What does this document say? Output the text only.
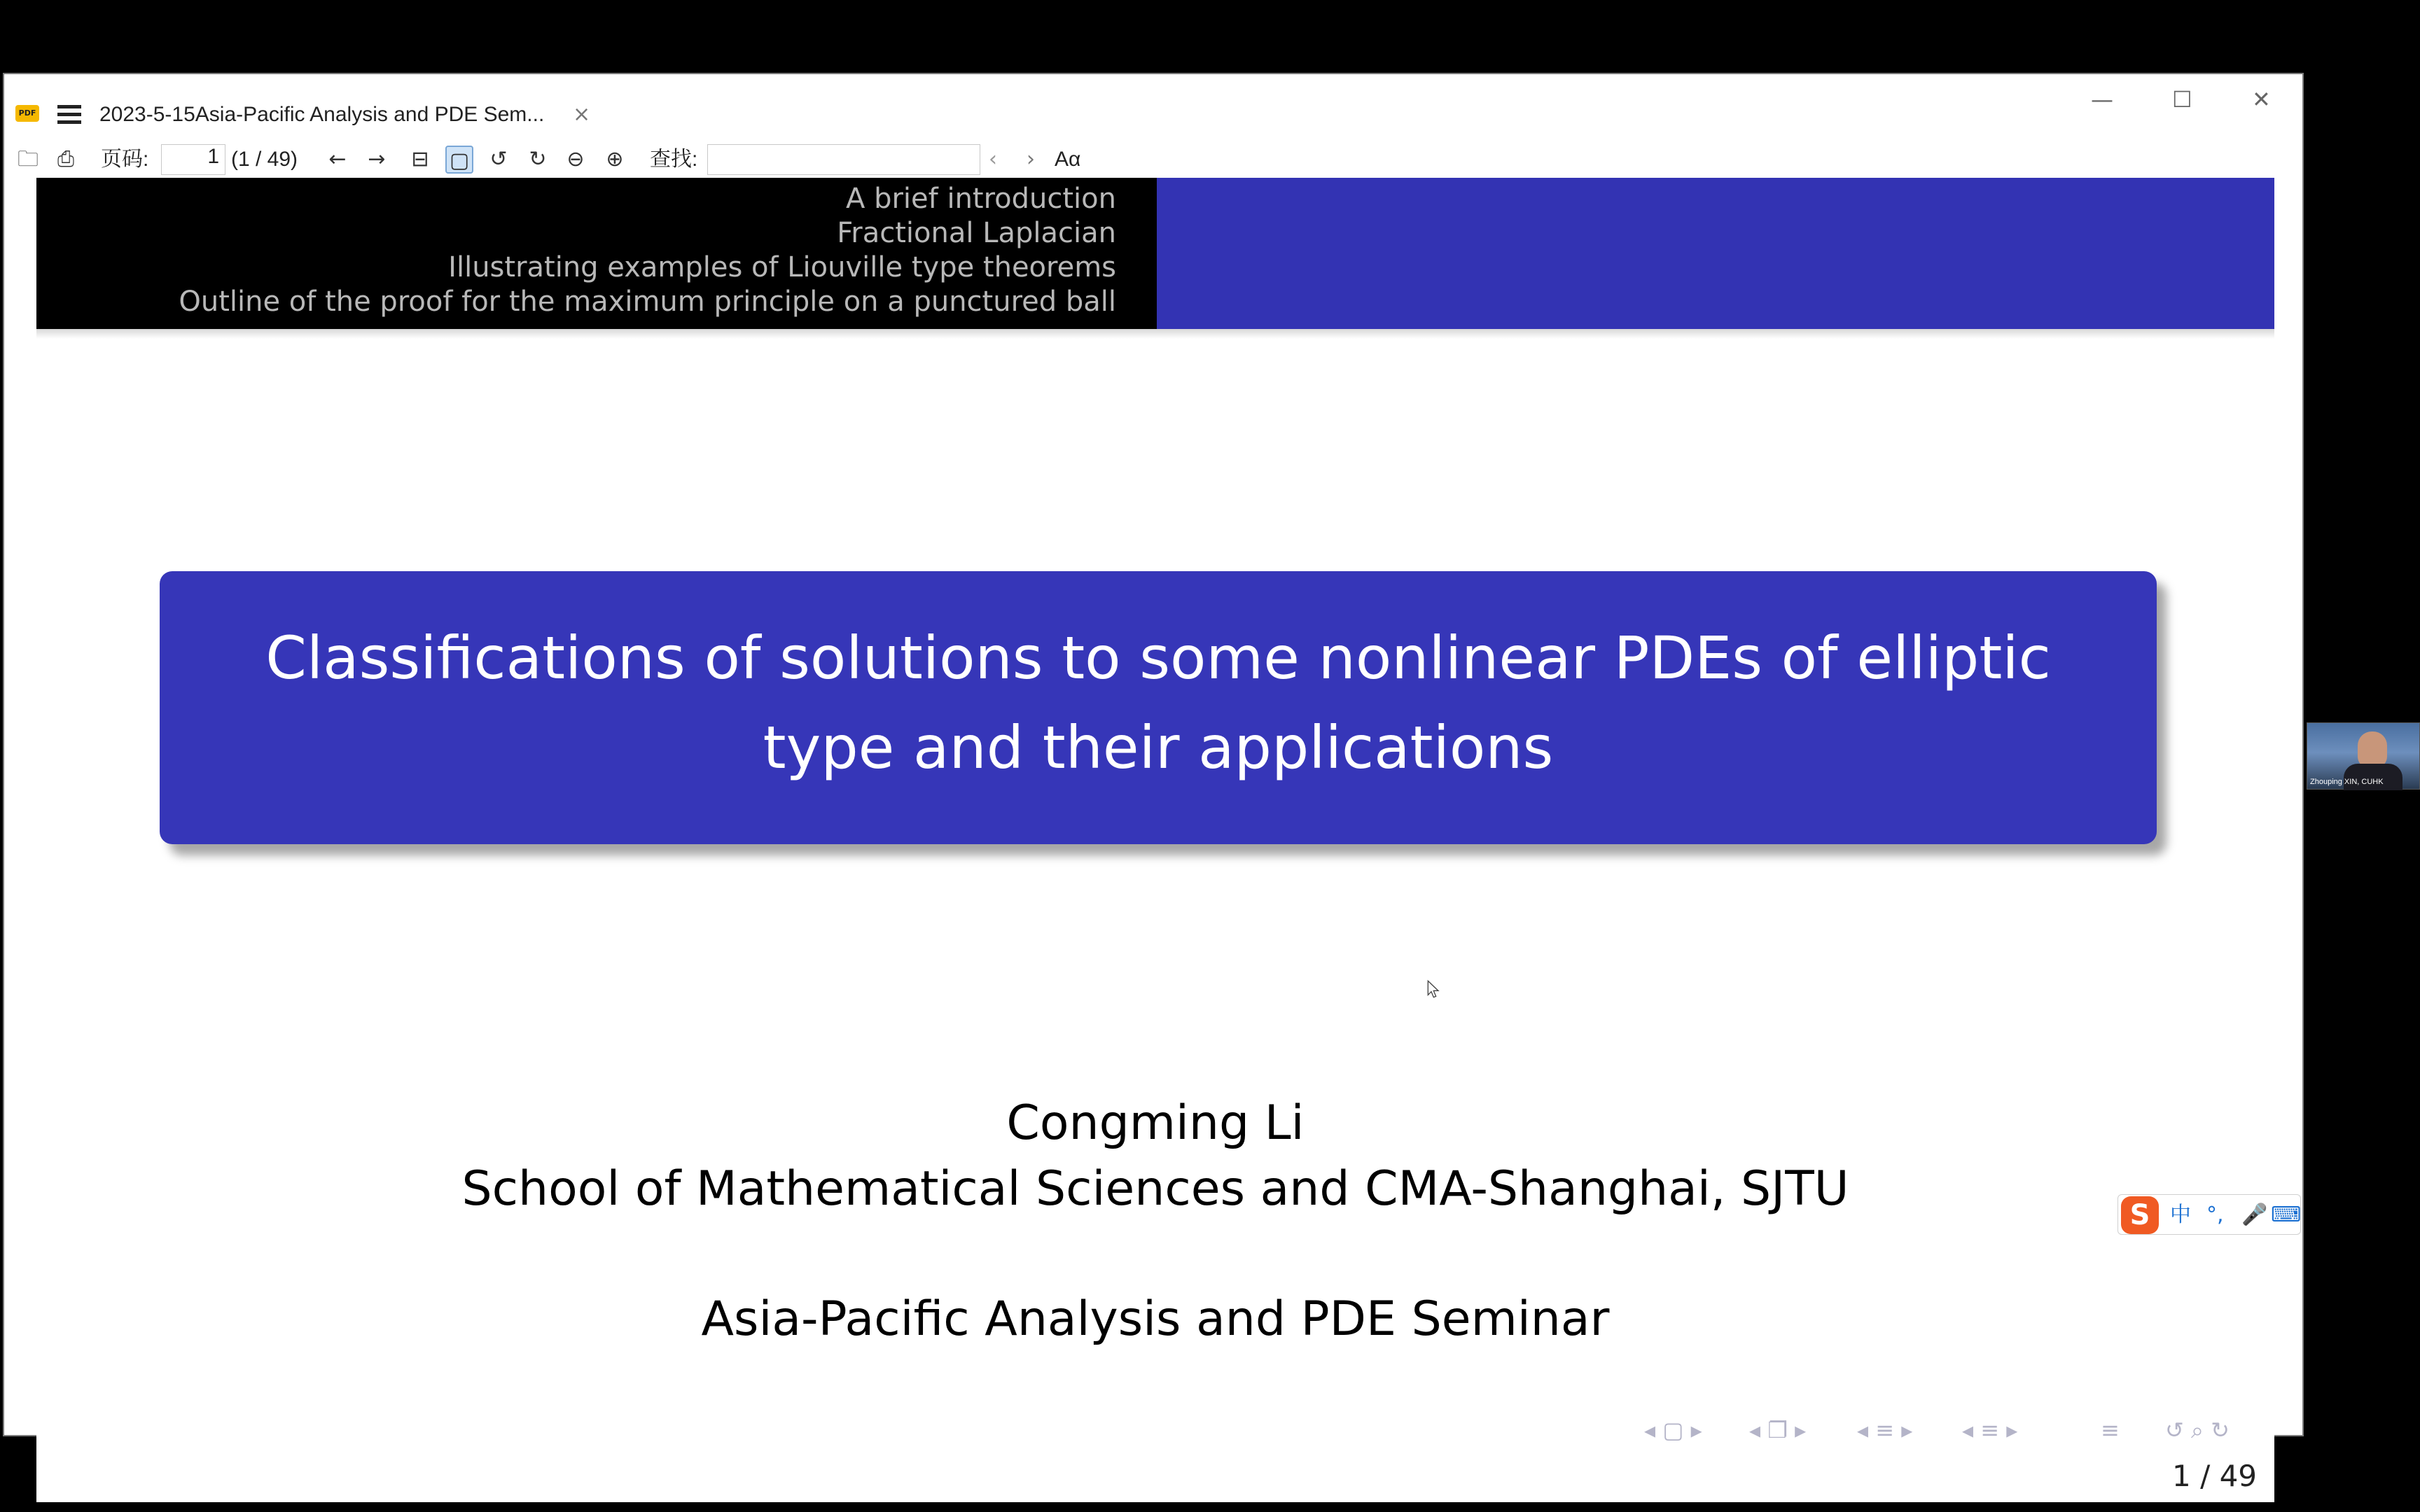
PDF	2023-5-15Asia-Pacific Analysis and PDE Sem... ×
—	☐	✕
🗀 ⎙ 页码:	1 (1 / 49) ← → ⊟ ▢ ↺ ↻ ⊖ ⊕ 查找:	‹	› Aα
A brief introduction
Fractional Laplacian
Illustrating examples of Liouville type theorems
Outline of the proof for the maximum principle on a punctured ball
Classifications of solutions to some nonlinear PDEs of elliptic
type and their applications
Congming Li
School of Mathematical Sciences and CMA-Shanghai, SJTU
Asia-Pacific Analysis and PDE Seminar
◂ ▢ ▸ ◂ ❐ ▸ ◂ ≡ ▸ ◂ ≡ ▸	≡ ↺ ⌕ ↻
1 / 49
Zhouping XIN, CUHK
S 中 °, 🎤 ⌨
